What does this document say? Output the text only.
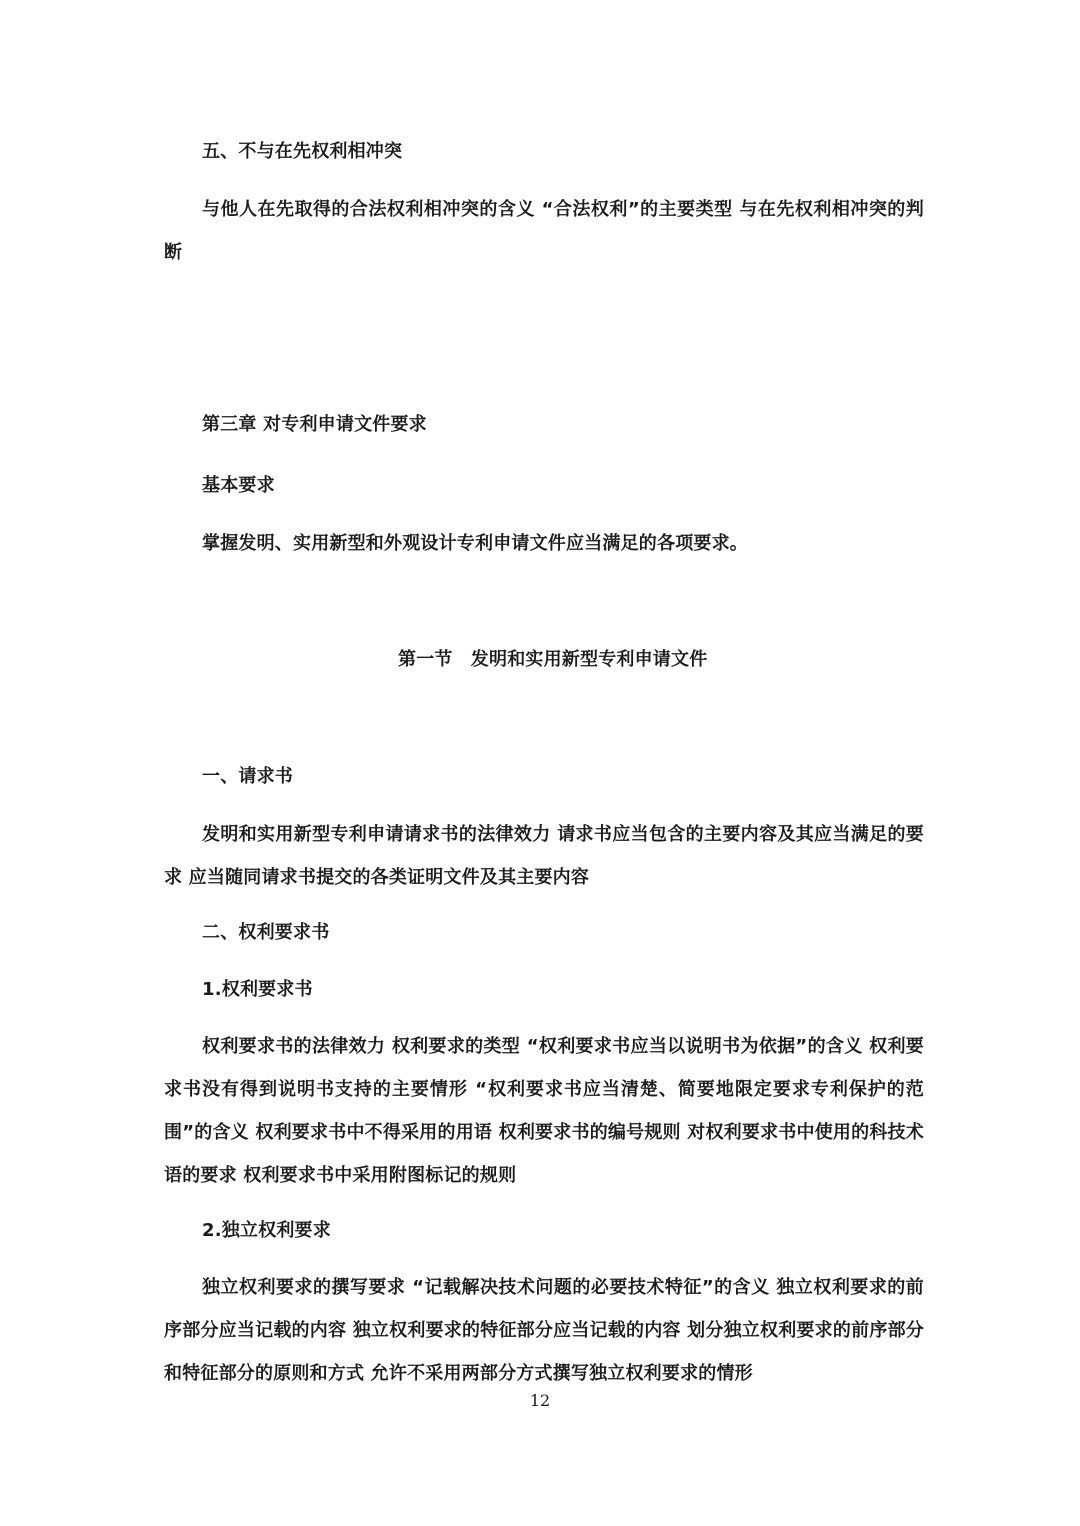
五、不与在先权利相冲突

与他人在先取得的合法权利相冲突的含义 “合法权利”的主要类型 与在先权利相冲突的判断

第三章 对专利申请文件要求

基本要求

掌握发明、实用新型和外观设计专利申请文件应当满足的各项要求。

第一节　发明和实用新型专利申请文件

一、请求书

发明和实用新型专利申请请求书的法律效力 请求书应当包含的主要内容及其应当满足的要求 应当随同请求书提交的各类证明文件及其主要内容

二、权利要求书

1.权利要求书

权利要求书的法律效力 权利要求的类型 “权利要求书应当以说明书为依据”的含义 权利要求书没有得到说明书支持的主要情形 “权利要求书应当清楚、简要地限定要求专利保护的范围”的含义 权利要求书中不得采用的用语 权利要求书的编号规则 对权利要求书中使用的科技术语的要求 权利要求书中采用附图标记的规则

2.独立权利要求

独立权利要求的撰写要求 “记载解决技术问题的必要技术特征”的含义 独立权利要求的前序部分应当记载的内容 独立权利要求的特征部分应当记载的内容 划分独立权利要求的前序部分和特征部分的原则和方式 允许不采用两部分方式撰写独立权利要求的情形

12
